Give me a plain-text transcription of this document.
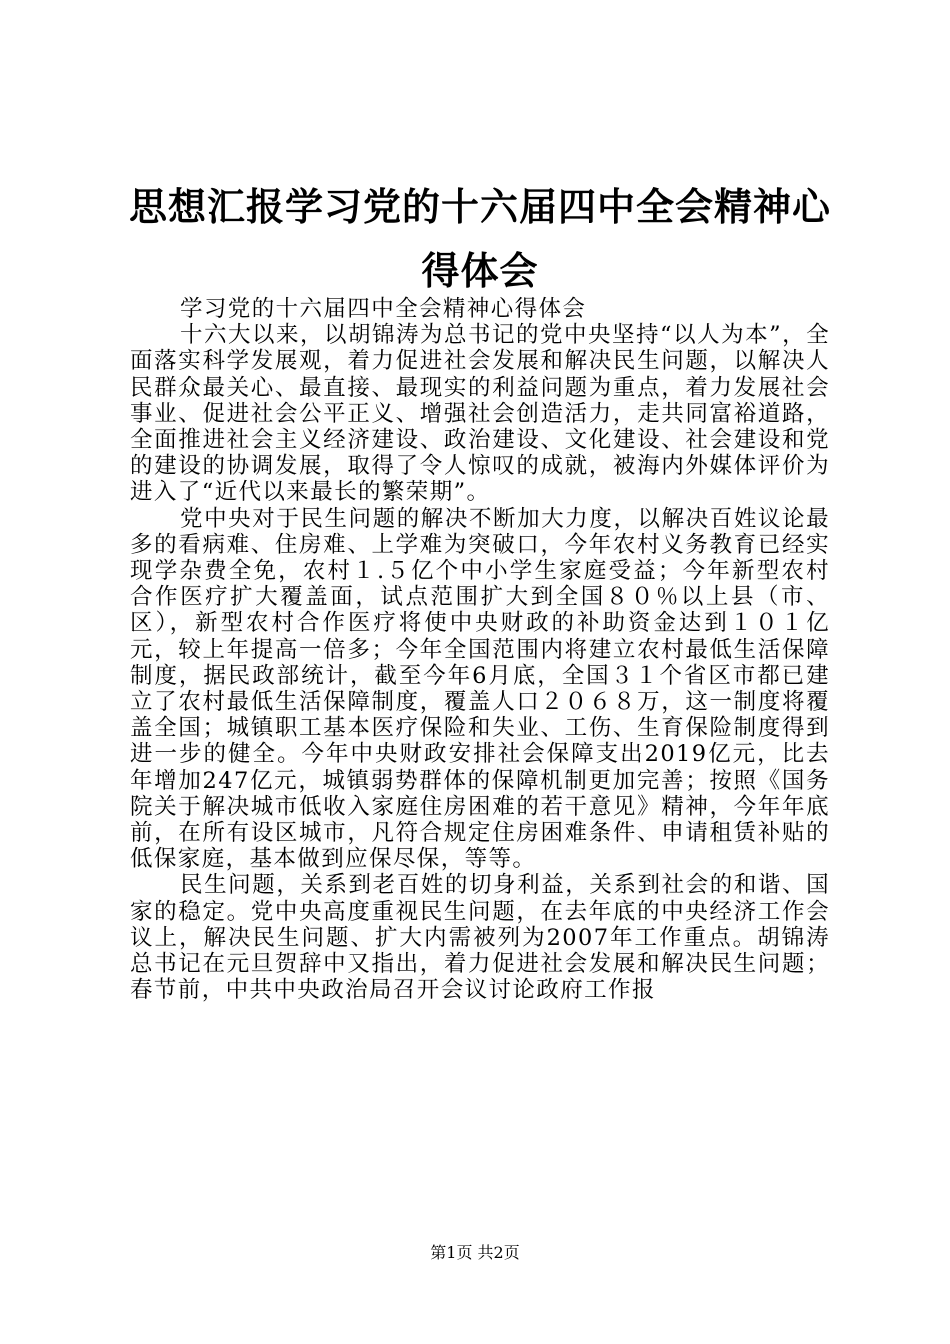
思想汇报学习党的十六届四中全会精神心得体会

学习党的十六届四中全会精神心得体会

十六大以来，以胡锦涛为总书记的党中央坚持“以人为本”，全面落实科学发展观，着力促进社会发展和解决民生问题，以解决人民群众最关心、最直接、最现实的利益问题为重点，着力发展社会事业、促进社会公平正义、增强社会创造活力，走共同富裕道路，全面推进社会主义经济建设、政治建设、文化建设、社会建设和党的建设的协调发展，取得了令人惊叹的成就，被海内外媒体评价为进入了“近代以来最长的繁荣期”。

党中央对于民生问题的解决不断加大力度，以解决百姓议论最多的看病难、住房难、上学难为突破口，今年农村义务教育已经实现学杂费全免，农村１.５亿个中小学生家庭受益；今年新型农村合作医疗扩大覆盖面，试点范围扩大到全国８０％以上县（市、区），新型农村合作医疗将使中央财政的补助资金达到１０１亿元，较上年提高一倍多；今年全国范围内将建立农村最低生活保障制度，据民政部统计，截至今年6月底，全国３１个省区市都已建立了农村最低生活保障制度，覆盖人口２０６８万，这一制度将覆盖全国；城镇职工基本医疗保险和失业、工伤、生育保险制度得到进一步的健全。今年中央财政安排社会保障支出2019亿元，比去年增加247亿元，城镇弱势群体的保障机制更加完善；按照《国务院关于解决城市低收入家庭住房困难的若干意见》精神，今年年底前，在所有设区城市，凡符合规定住房困难条件、申请租赁补贴的低保家庭，基本做到应保尽保，等等。

民生问题，关系到老百姓的切身利益，关系到社会的和谐、国家的稳定。党中央高度重视民生问题，在去年底的中央经济工作会议上，解决民生问题、扩大内需被列为2007年工作重点。胡锦涛总书记在元旦贺辞中又指出，着力促进社会发展和解决民生问题；春节前，中共中央政治局召开会议讨论政府工作报

第1页 共2页
